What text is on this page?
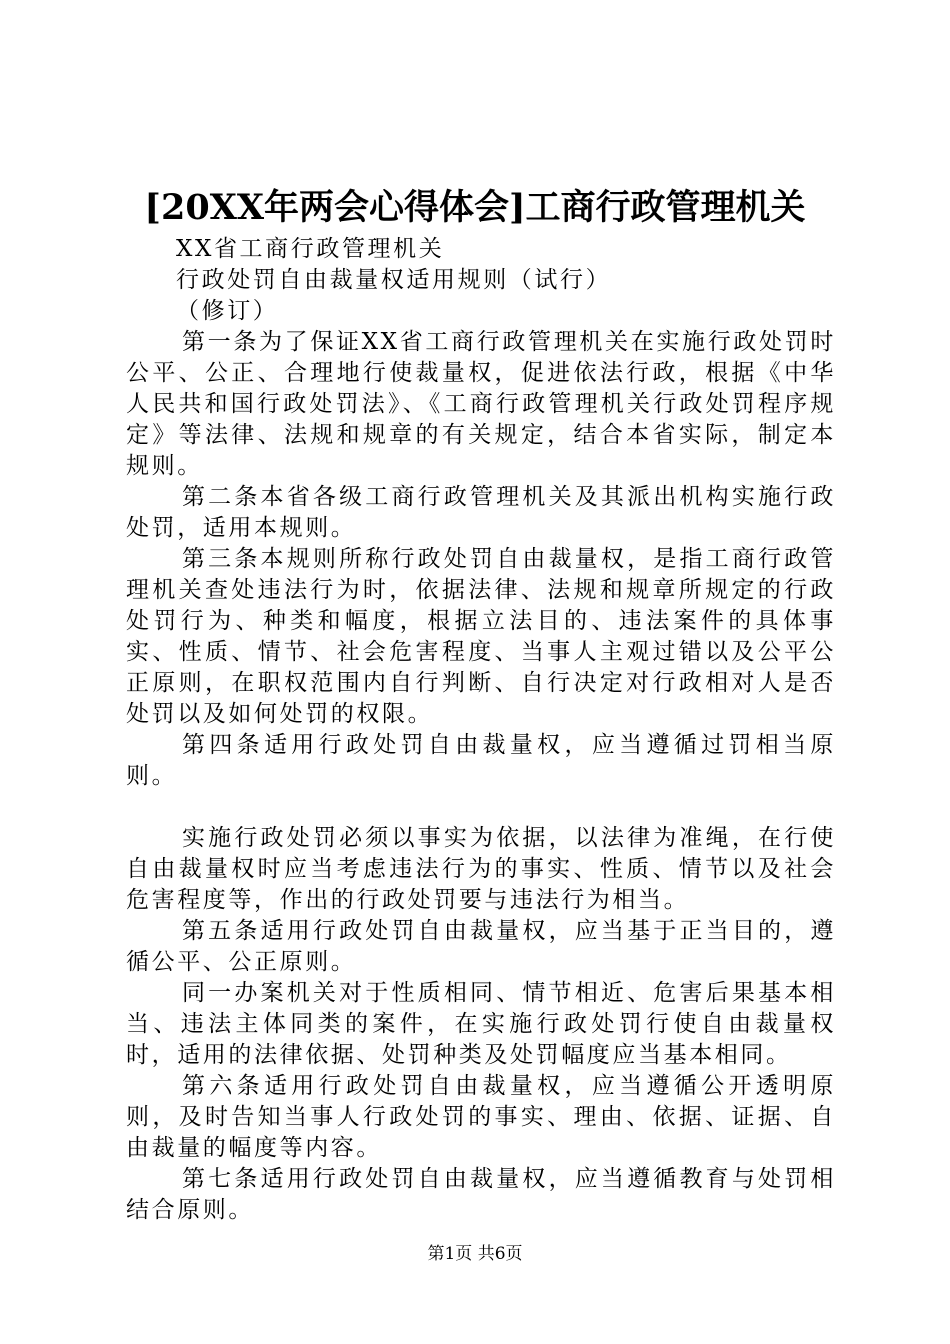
[20XX年两会心得体会]工商行政管理机关

XX省工商行政管理机关

行政处罚自由裁量权适用规则（试行）

（修订）

第一条为了保证XX省工商行政管理机关在实施行政处罚时公平、公正、合理地行使裁量权，促进依法行政，根据《中华人民共和国行政处罚法》、《工商行政管理机关行政处罚程序规定》等法律、法规和规章的有关规定，结合本省实际，制定本规则。

第二条本省各级工商行政管理机关及其派出机构实施行政处罚，适用本规则。

第三条本规则所称行政处罚自由裁量权，是指工商行政管理机关查处违法行为时，依据法律、法规和规章所规定的行政处罚行为、种类和幅度，根据立法目的、违法案件的具体事实、性质、情节、社会危害程度、当事人主观过错以及公平公正原则，在职权范围内自行判断、自行决定对行政相对人是否处罚以及如何处罚的权限。

第四条适用行政处罚自由裁量权，应当遵循过罚相当原则。

实施行政处罚必须以事实为依据，以法律为准绳，在行使自由裁量权时应当考虑违法行为的事实、性质、情节以及社会危害程度等，作出的行政处罚要与违法行为相当。

第五条适用行政处罚自由裁量权，应当基于正当目的，遵循公平、公正原则。

同一办案机关对于性质相同、情节相近、危害后果基本相当、违法主体同类的案件，在实施行政处罚行使自由裁量权时，适用的法律依据、处罚种类及处罚幅度应当基本相同。

第六条适用行政处罚自由裁量权，应当遵循公开透明原则，及时告知当事人行政处罚的事实、理由、依据、证据、自由裁量的幅度等内容。

第七条适用行政处罚自由裁量权，应当遵循教育与处罚相结合原则。

第1页 共6页
